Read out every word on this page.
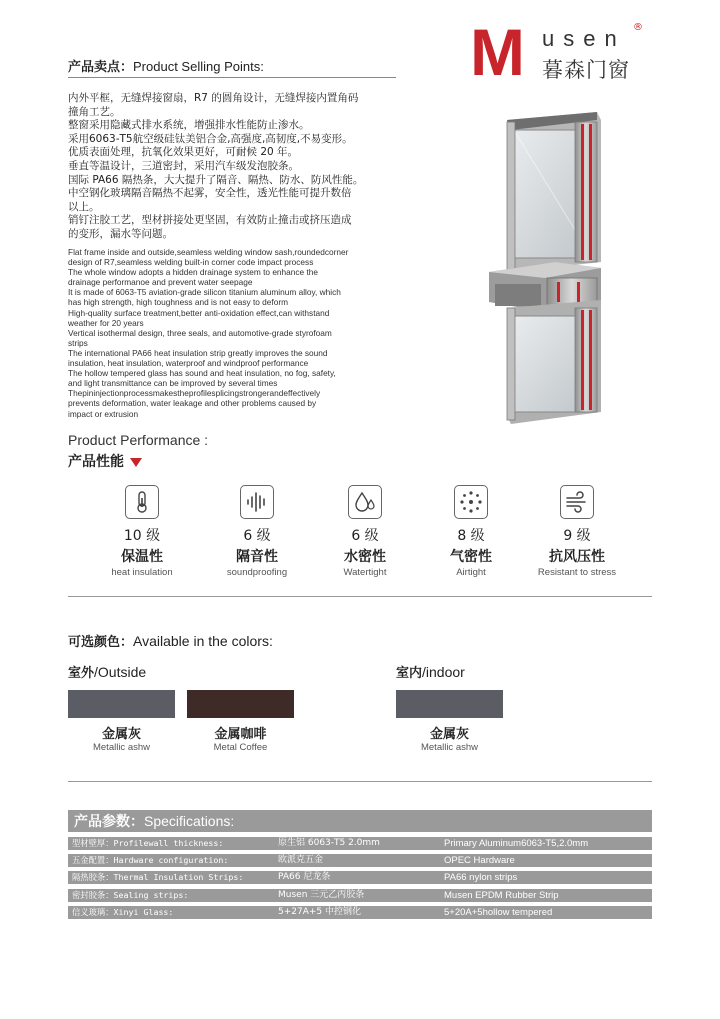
M usen ®
暮森门窗
产品卖点：Product Selling Points:

内外平框，无缝焊接窗扇，R7 的圆角设计，无缝焊接内置角码

撞角工艺。

整窗采用隐藏式排水系统，增强排水性能防止渗水。

采用6063-T5航空级硅钛美铝合金,高强度,高韧度,不易变形。

优质表面处理，抗氧化效果更好，可耐候 20 年。

垂直等温设计，三道密封，采用汽车级发泡胶条。

国际 PA66 隔热条，大大提升了隔音、隔热、防水、防风性能。

中空钢化玻璃隔音隔热不起雾，安全性，透光性能可提升数倍

以上。

销钉注胶工艺，型材拼接处更坚固，有效防止撞击或挤压造成

的变形，漏水等问题。

Flat frame inside and outside,seamless welding window sash,roundedcorner

design of R7,seamless welding built-in corner code impact process

The whole window adopts a hidden drainage system to enhance the

drainage performanoe and prevent water seepage

It is made of 6063-T5 aviation-grade silicon titanium aluminum alloy, which

has high strength, high toughness and is not easy to deform

High-quality surface treatment,better anti-oxidation effect,can withstand

weather for 20 years

Vertical isothermal design, three seals, and automotive-grade styrofoam

strips

The international PA66 heat insulation strip greatly improves the sound

insulation, heat insulation, waterproof and windproof performance

The hollow tempered glass has sound and heat insulation, no fog, safety,

and light transmittance can be improved by several times

Thepininjectionprocessmakestheprofilesplicingstrongerandeffectively

prevents deformation, water leakage and other problems caused by

impact or extrusion

Product Performance :
产品性能
10 级
保温性
heat insulation
6 级
隔音性
soundproofing
6 级
水密性
Watertight
8 级
气密性
Airtight
9 级
抗风压性
Resistant to stress
可选颜色：Available in the colors:
室外/Outside	室内/indoor
金属灰
Metallic ashw
金属咖啡
Metal Coffee
金属灰
Metallic ashw
产品参数：Specifications:
型材壁厚：Profilewall thickness:	原生铝 6063-T5 2.0mm	Primary Aluminum6063-T5,2.0mm
五金配置：Hardware configuration:	欧派克五金	OPEC Hardware
隔热胶条：Thermal Insulation Strips:	PA66 尼龙条	PA66 nylon strips
密封胶条：Sealing strips:	Musen 三元乙丙胶条	Musen EPDM Rubber Strip
信义玻璃：Xinyi Glass:	5+27A+5 中控钢化	5+20A+5hollow tempered
